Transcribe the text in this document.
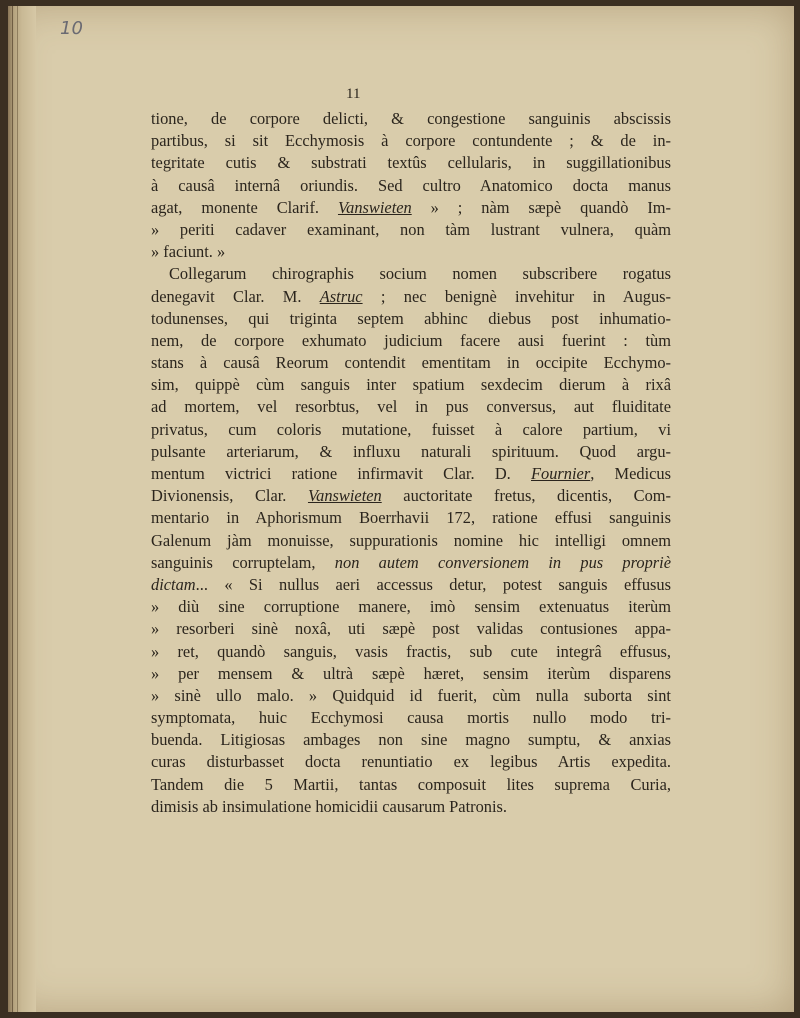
10
11
tione, de corpore delicti, & congestione sanguinis abscissis
partibus, si sit Ecchymosis à corpore contundente ; & de in-
tegritate cutis & substrati textûs cellularis, in suggillationibus
à causâ internâ oriundis. Sed cultro Anatomico docta manus
agat, monente Clarif. Vanswieten » ; nàm sæpè quandò Im-
» periti cadaver examinant, non tàm lustrant vulnera, quàm
» faciunt. »
Collegarum chirographis socium nomen subscribere rogatus
denegavit Clar. M. Astruc ; nec benignè invehitur in Augus-
todunenses, qui triginta septem abhinc diebus post inhumatio-
nem, de corpore exhumato judicium facere ausi fuerint : tùm
stans à causâ Reorum contendit ementitam in occipite Ecchymo-
sim, quippè cùm sanguis inter spatium sexdecim dierum à rixâ
ad mortem, vel resorbtus, vel in pus conversus, aut fluiditate
privatus, cum coloris mutatione, fuisset à calore partium, vi
pulsante arteriarum, & influxu naturali spirituum. Quod argu-
mentum victrici ratione infirmavit Clar. D. Fournier, Medicus
Divionensis, Clar. Vanswieten auctoritate fretus, dicentis, Com-
mentario in Aphorismum Boerrhavii 172, ratione effusi sanguinis
Galenum jàm monuisse, suppurationis nomine hic intelligi omnem
sanguinis corruptelam, non autem conversionem in pus propriè
dictam... « Si nullus aeri accessus detur, potest sanguis effusus
» diù sine corruptione manere, imò sensim extenuatus iterùm
» resorberi sinè noxâ, uti sæpè post validas contusiones appa-
» ret, quandò sanguis, vasis fractis, sub cute integrâ effusus,
» per mensem & ultrà sæpè hæret, sensim iterùm disparens
» sinè ullo malo. » Quidquid id fuerit, cùm nulla suborta sint
symptomata, huic Ecchymosi causa mortis nullo modo tri-
buenda. Litigiosas ambages non sine magno sumptu, & anxias
curas disturbasset docta renuntiatio ex legibus Artis expedita.
Tandem die 5 Martii, tantas composuit lites suprema Curia,
dimisis ab insimulatione homicidii causarum Patronis.
